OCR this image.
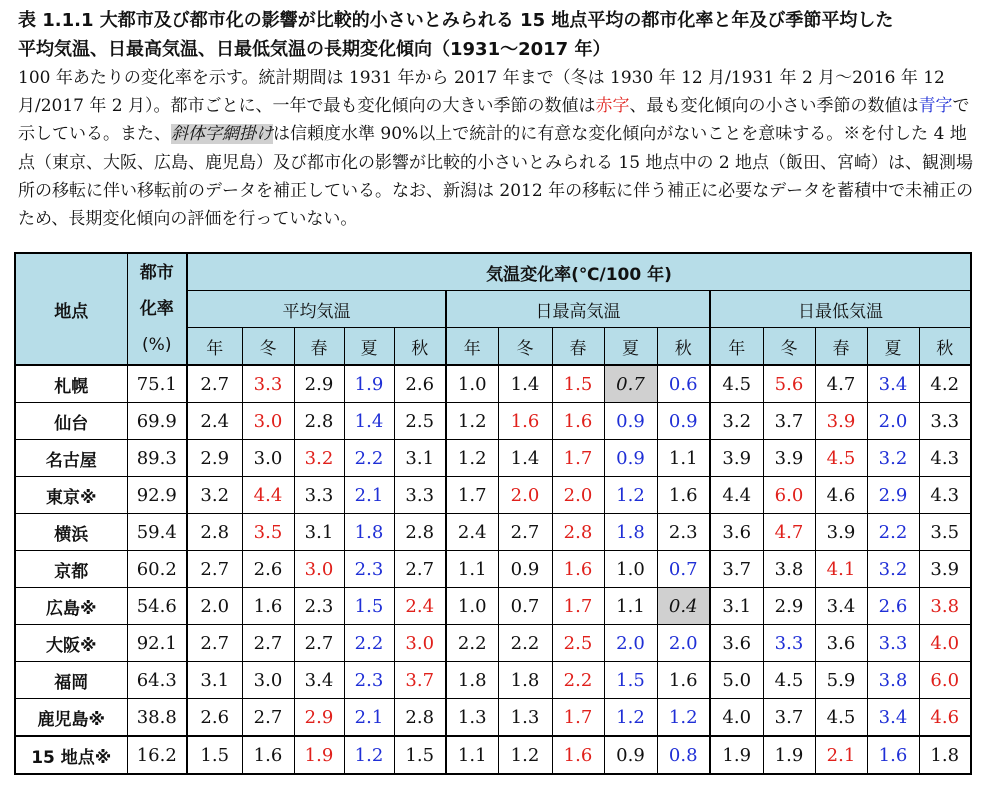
表 1.1.1 大都市及び都市化の影響が比較的小さいとみられる 15 地点平均の都市化率と年及び季節平均した
平均気温、日最高気温、日最低気温の長期変化傾向（1931〜2017 年）

100 年あたりの変化率を示す。統計期間は 1931 年から 2017 年まで（冬は 1930 年 12 月/1931 年 2 月〜2016 年 12 月/2017 年 2 月）。都市ごとに、一年で最も変化傾向の大きい季節の数値は赤字、最も変化傾向の小さい季節の数値は青字で示している。また、斜体字網掛けは信頼度水準 90%以上で統計的に有意な変化傾向がないことを意味する。※を付した 4 地点（東京、大阪、広島、鹿児島）及び都市化の影響が比較的小さいとみられる 15 地点中の 2 地点（飯田、宮崎）は、観測場所の移転に伴い移転前のデータを補正している。なお、新潟は 2012 年の移転に伴う補正に必要なデータを蓄積中で未補正のため、長期変化傾向の評価を行っていない。

地点	都市
化率
(%)	気温変化率(℃/100 年)														
		平均気温					日最高気温					日最低気温				
		年	冬	春	夏	秋	年	冬	春	夏	秋	年	冬	春	夏	秋
札幌	75.1	2.7	3.3	2.9	1.9	2.6	1.0	1.4	1.5	0.7	0.6	4.5	5.6	4.7	3.4	4.2
仙台	69.9	2.4	3.0	2.8	1.4	2.5	1.2	1.6	1.6	0.9	0.9	3.2	3.7	3.9	2.0	3.3
名古屋	89.3	2.9	3.0	3.2	2.2	3.1	1.2	1.4	1.7	0.9	1.1	3.9	3.9	4.5	3.2	4.3
東京※	92.9	3.2	4.4	3.3	2.1	3.3	1.7	2.0	2.0	1.2	1.6	4.4	6.0	4.6	2.9	4.3
横浜	59.4	2.8	3.5	3.1	1.8	2.8	2.4	2.7	2.8	1.8	2.3	3.6	4.7	3.9	2.2	3.5
京都	60.2	2.7	2.6	3.0	2.3	2.7	1.1	0.9	1.6	1.0	0.7	3.7	3.8	4.1	3.2	3.9
広島※	54.6	2.0	1.6	2.3	1.5	2.4	1.0	0.7	1.7	1.1	0.4	3.1	2.9	3.4	2.6	3.8
大阪※	92.1	2.7	2.7	2.7	2.2	3.0	2.2	2.2	2.5	2.0	2.0	3.6	3.3	3.6	3.3	4.0
福岡	64.3	3.1	3.0	3.4	2.3	3.7	1.8	1.8	2.2	1.5	1.6	5.0	4.5	5.9	3.8	6.0
鹿児島※	38.8	2.6	2.7	2.9	2.1	2.8	1.3	1.3	1.7	1.2	1.2	4.0	3.7	4.5	3.4	4.6
15 地点※	16.2	1.5	1.6	1.9	1.2	1.5	1.1	1.2	1.6	0.9	0.8	1.9	1.9	2.1	1.6	1.8
